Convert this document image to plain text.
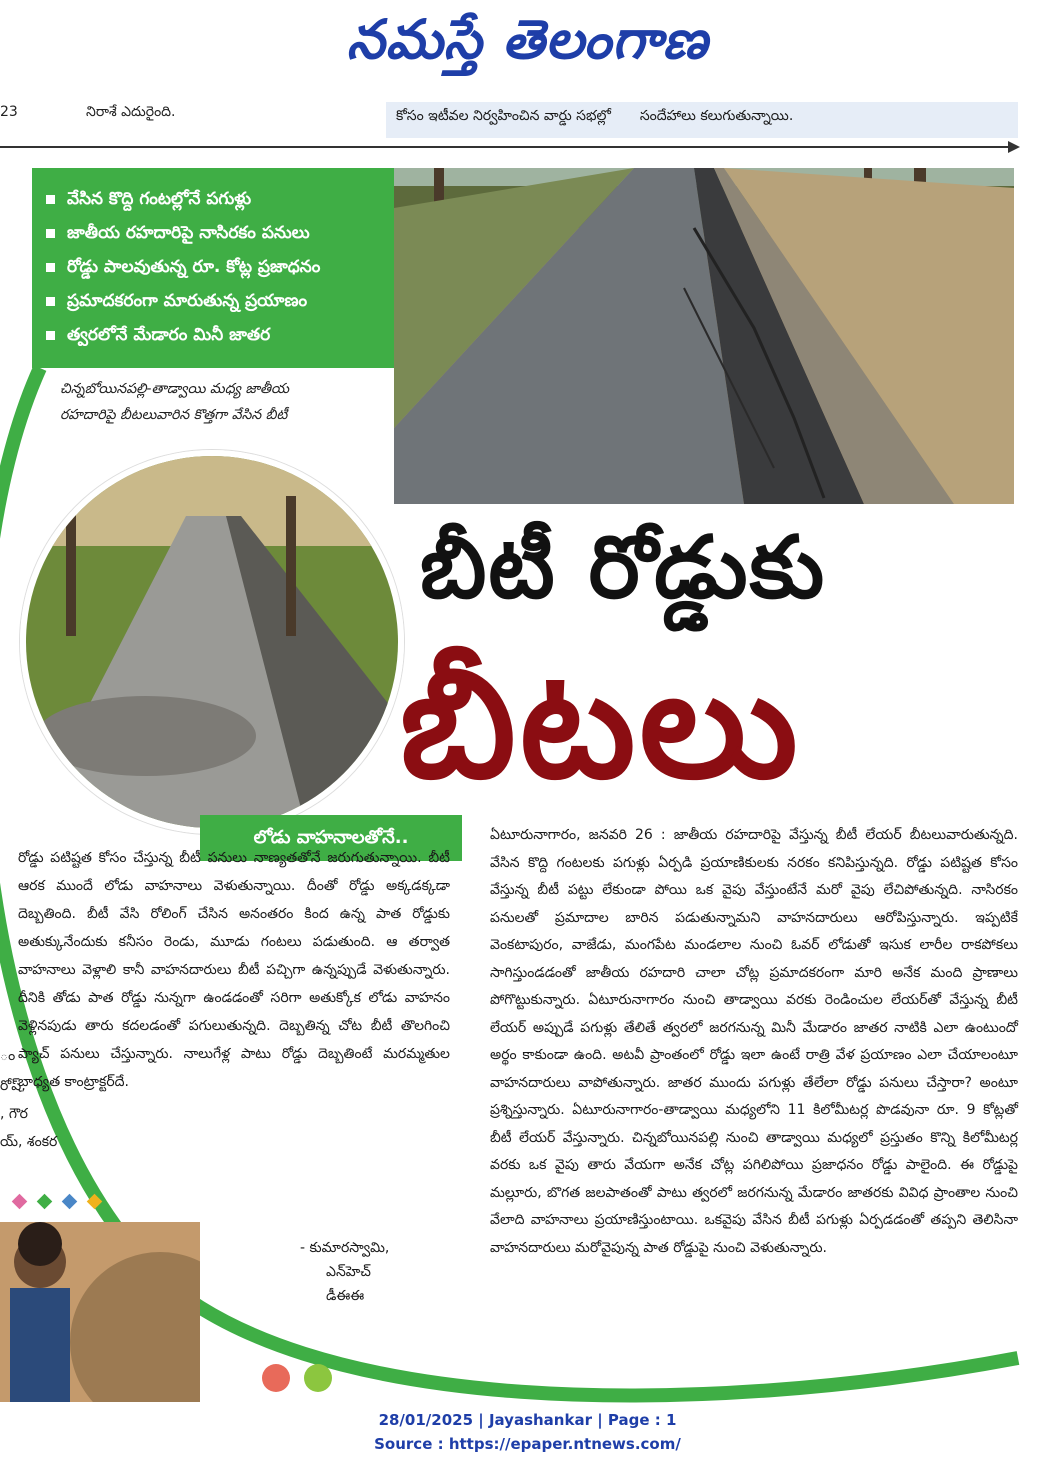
నమస్తే తెలంగాణ
23	నిరాశే ఎదురైంది.	కోసం ఇటీవల నిర్వహించిన వార్డు సభల్లో సందేహాలు కలుగుతున్నాయి.
వేసిన కొద్ది గంటల్లోనే పగుళ్లు
జాతీయ రహదారిపై నాసిరకం పనులు
రోడ్డు పాలవుతున్న రూ. కోట్ల ప్రజాధనం
ప్రమాదకరంగా మారుతున్న ప్రయాణం
త్వరలోనే మేడారం మినీ జాతర
చిన్నబోయినపల్లి-తాడ్వాయి మధ్య జాతీయ
రహదారిపై బీటలువారిన కొత్తగా వేసిన బీటీ
బీటీ రోడ్డుకు
బీటలు
లోడు వాహనాలతోనే..

రోడ్డు పటిష్టత కోసం చేస్తున్న బీటీ పనులు నాణ్యతతోనే జరుగుతున్నాయి. బీటీ ఆరక ముందే లోడు వాహనాలు వెళుతున్నాయి. దీంతో రోడ్డు అక్కడక్కడా దెబ్బతింది. బీటీ వేసి రోలింగ్ చేసిన అనంతరం కింద ఉన్న పాత రోడ్డుకు అతుక్కునేందుకు కనీసం రెండు, మూడు గంటలు పడుతుంది. ఆ తర్వాత వాహనాలు వెళ్లాలి కానీ వాహనదారులు బీటీ పచ్చిగా ఉన్నప్పుడే వెళుతున్నారు. దీనికి తోడు పాత రోడ్డు నున్నగా ఉండడంతో సరిగా అతుక్కోక లోడు వాహనం వెళ్లినపుడు తారు కదలడంతో పగులుతున్నది. దెబ్బతిన్న చోట బీటీ తొలగించి ప్యాచ్ పనులు చేస్తున్నారు. నాలుగేళ్ల పాటు రోడ్డు దెబ్బతింటే మరమ్మతుల బాధ్యత కాంట్రాక్టర్‌దే.

- కుమారస్వామి,
ఎన్‌హెచ్
డీఈఈ
ం
రోష్,
, గౌర
య్, శంకర

ఏటూరునాగారం, జనవరి 26 : జాతీయ రహదారిపై వేస్తున్న బీటీ లేయర్ బీటలువారుతున్నది. వేసిన కొద్ది గంటలకు పగుళ్లు ఏర్పడి ప్రయాణికులకు నరకం కనిపిస్తున్నది. రోడ్డు పటిష్టత కోసం వేస్తున్న బీటీ పట్టు లేకుండా పోయి ఒక వైపు వేస్తుంటేనే మరో వైపు లేచిపోతున్నది. నాసిరకం పనులతో ప్రమాదాల బారిన పడుతున్నామని వాహనదారులు ఆరోపిస్తున్నారు. ఇప్పటికే వెంకటాపురం, వాజేడు, మంగపేట మండలాల నుంచి ఓవర్ లోడుతో ఇసుక లారీల రాకపోకలు సాగిస్తుండడంతో జాతీయ రహదారి చాలా చోట్ల ప్రమాదకరంగా మారి అనేక మంది ప్రాణాలు పోగొట్టుకున్నారు. ఏటూరునాగారం నుంచి తాడ్వాయి వరకు రెండించుల లేయర్‌తో వేస్తున్న బీటీ లేయర్ అప్పుడే పగుళ్లు తేలితే త్వరలో జరగనున్న మినీ మేడారం జాతర నాటికి ఎలా ఉంటుందో అర్థం కాకుండా ఉంది. అటవీ ప్రాంతంలో రోడ్డు ఇలా ఉంటే రాత్రి వేళ ప్రయాణం ఎలా చేయాలంటూ వాహనదారులు వాపోతున్నారు. జాతర ముందు పగుళ్లు తేలేలా రోడ్డు పనులు చేస్తారా? అంటూ ప్రశ్నిస్తున్నారు. ఏటూరునాగారం-తాడ్వాయి మధ్యలోని 11 కిలోమీటర్ల పొడవునా రూ. 9 కోట్లతో బీటీ లేయర్ వేస్తున్నారు. చిన్నబోయినపల్లి నుంచి తాడ్వాయి మధ్యలో ప్రస్తుతం కొన్ని కిలోమీటర్ల వరకు ఒక వైపు తారు వేయగా అనేక చోట్ల పగిలిపోయి ప్రజాధనం రోడ్డు పాలైంది. ఈ రోడ్డుపై మల్లూరు, బొగత జలపాతంతో పాటు త్వరలో జరగనున్న మేడారం జాతరకు వివిధ ప్రాంతాల నుంచి వేలాది వాహనాలు ప్రయాణిస్తుంటాయి. ఒకవైపు వేసిన బీటీ పగుళ్లు ఏర్పడడంతో తప్పని తెలిసినా వాహనదారులు మరోవైపున్న పాత రోడ్డుపై నుంచి వెళుతున్నారు.

28/01/2025 | Jayashankar | Page : 1
Source : https://epaper.ntnews.com/
